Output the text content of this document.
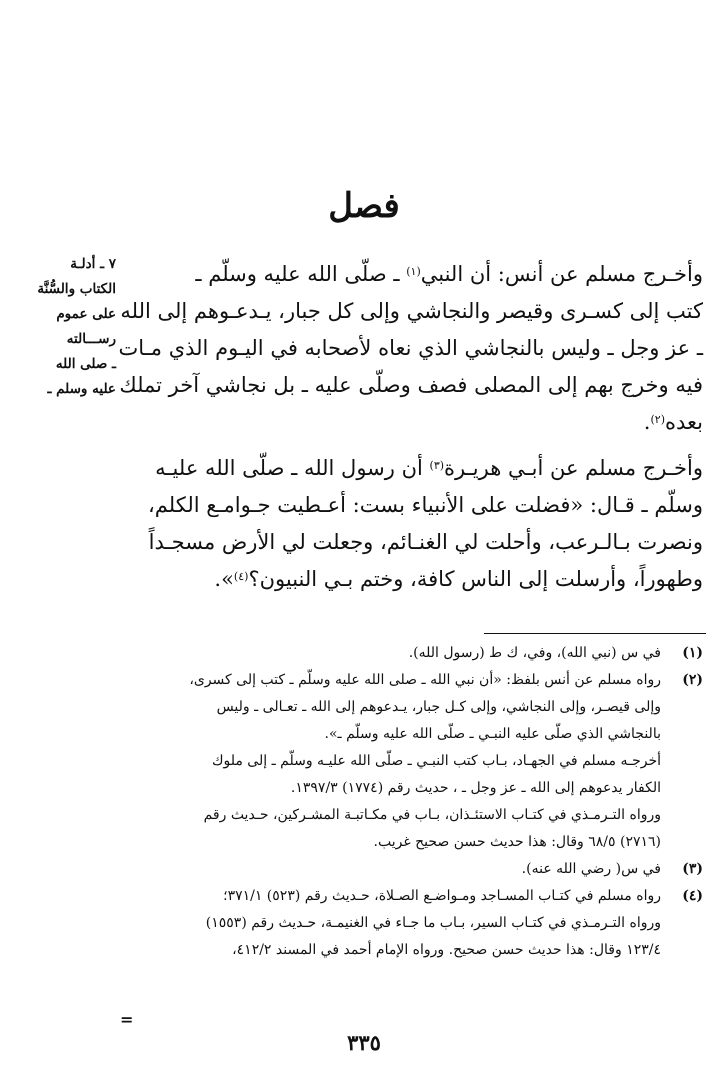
فصل
٧ ـ أدلـة
الكتاب والسُّنَّة
على عموم
رســـالته
ـ صلى الله
عليه وسلم ـ
وأخـرج مسلم عن أنس: أن النبي$^{(١)}$ ـ صلّى الله عليه وسلّم ـ
كتب إلى كسـرى وقيصر والنجاشي وإلى كل جبار، يـدعـوهم إلى الله
ـ عز وجل ـ وليس بالنجاشي الذي نعاه لأصحابه في اليـوم الذي مـات
فيه وخرج بهم إلى المصلى فصف وصلّى عليه ـ بل نجاشي آخر تملك
بعده$^{(٢)}$.
وأخـرج مسلم عن أبـي هريـرة$^{(٣)}$ أن رسول الله ـ صلّى الله عليـه
وسلّم ـ قـال: «فضلت على الأنبياء بست: أعـطيت جـوامـع الكلم،
ونصرت بـالـرعب، وأحلت لي الغنـائم، وجعلت لي الأرض مسجـداً
وطهوراً، وأرسلت إلى الناس كافة، وختم بـي النبيون؟$^{(٤)}$».
(١)
في س (نبي الله)، وفي، ك ط (رسول الله).
(٢)
رواه مسلم عن أنس بلفظ: «أن نبي الله ـ صلى الله عليه وسلّم ـ كتب إلى كسرى،
وإلى قيصـر، وإلى النجاشي، وإلى كـل جبار، يـدعوهم إلى الله ـ تعـالى ـ وليس
بالنجاشي الذي صلّى عليه النبـي ـ صلّى الله عليه وسلّم ـ».
أخرجـه مسلم في الجهـاد، بـاب كتب النبـي ـ صلّى الله عليـه وسلّم ـ إلى ملوك
الكفار يدعوهم إلى الله ـ عز وجل ـ ، حديث رقم (١٧٧٤) ١٣٩٧/٣.
ورواه التـرمـذي في كتـاب الاستئـذان، بـاب في مكـاتبـة المشـركين، حـديث رقم
(٢٧١٦) ٦٨/٥ وقال: هذا حديث حسن صحيح غريب.
(٣)
في س( رضي الله عنه).
(٤)
رواه مسلم في كتـاب المسـاجد ومـواضـع الصـلاة، حـديث رقم (٥٢٣) ٣٧١/١؛
ورواه التـرمـذي في كتـاب السير، بـاب ما جـاء في الغنيمـة، حـديث رقم (١٥٥٣)
١٢٣/٤ وقال: هذا حديث حسن صحيح. ورواه الإمام أحمد في المسند ٤١٢/٢،
=
٣٣٥
